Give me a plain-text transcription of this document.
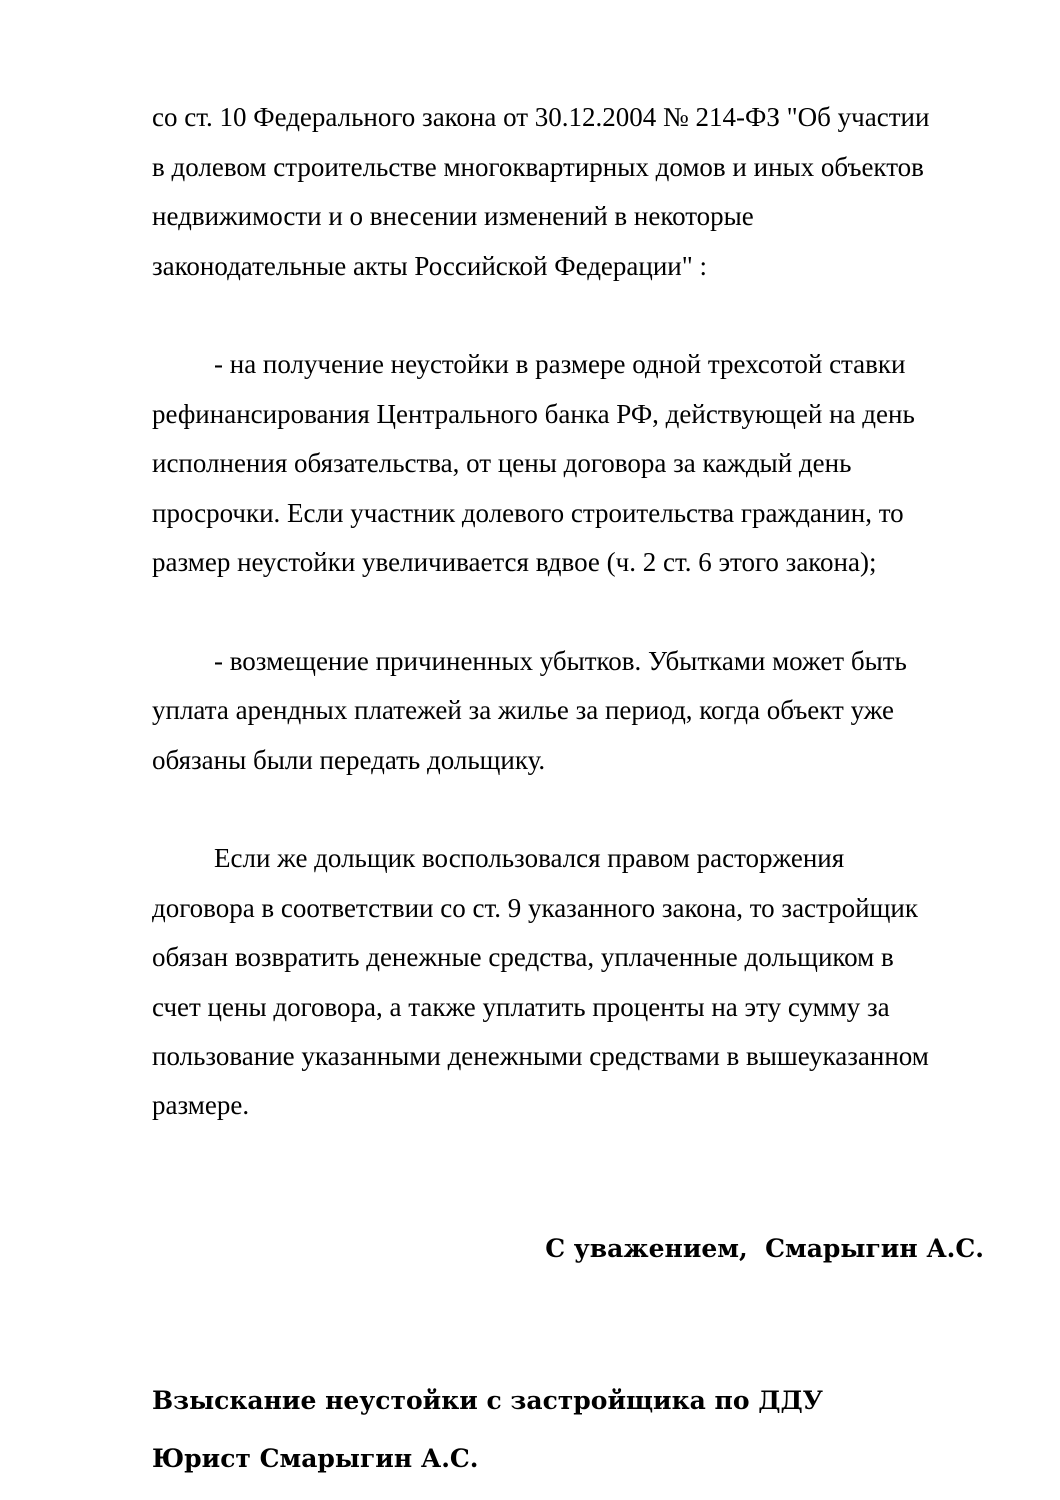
со ст. 10 Федерального закона от 30.12.2004 № 214-ФЗ "Об участии

в долевом строительстве многоквартирных домов и иных объектов

недвижимости и о внесении изменений в некоторые

законодательные акты Российской Федерации" :

- на получение неустойки в размере одной трехсотой ставки

рефинансирования Центрального банка РФ, действующей на день

исполнения обязательства, от цены договора за каждый день

просрочки. Если участник долевого строительства гражданин, то

размер неустойки увеличивается вдвое (ч. 2 ст. 6 этого закона);

- возмещение причиненных убытков. Убытками может быть

уплата арендных платежей за жилье за период, когда объект уже

обязаны были передать дольщику.

Если же дольщик воспользовался правом расторжения

договора в соответствии со ст. 9 указанного закона, то застройщик

обязан возвратить денежные средства, уплаченные дольщиком в

счет цены договора, а также уплатить проценты на эту сумму за

пользование указанными денежными средствами в вышеуказанном

размере.

С уважением,  Смарыгин А.С.

Взыскание неустойки с застройщика по ДДУ

Юрист Смарыгин А.С.
